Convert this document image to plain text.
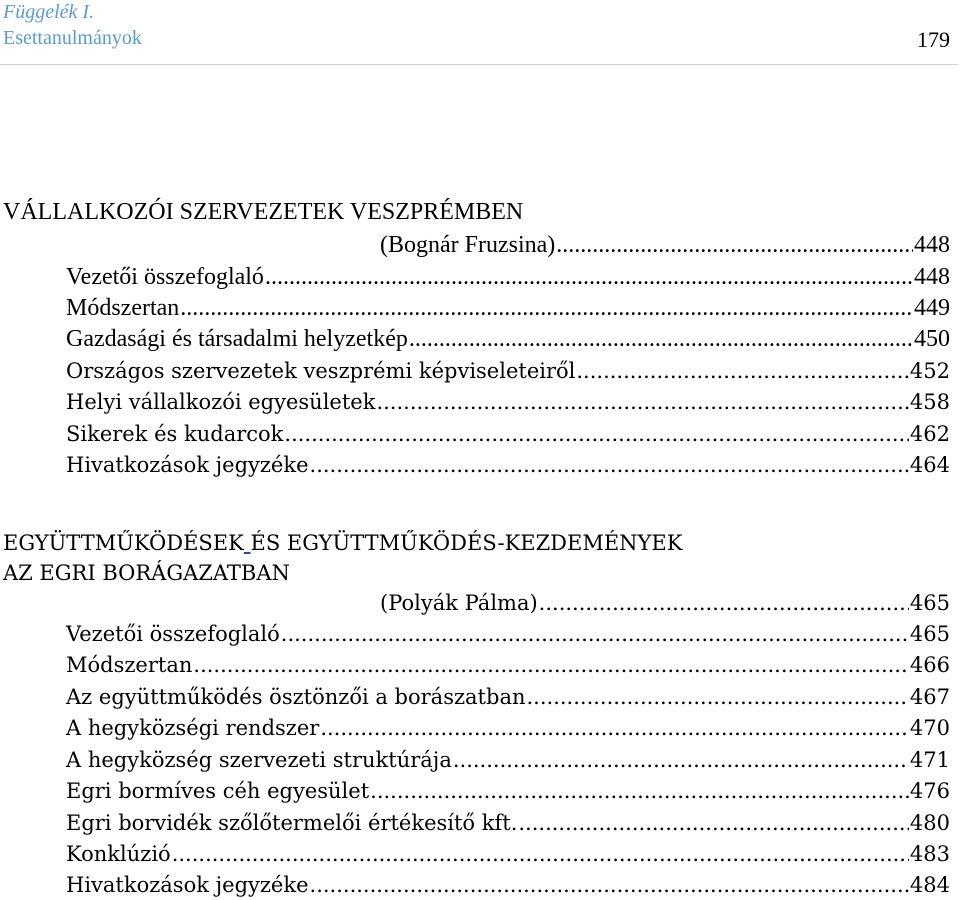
Függelék I.
Esettanulmányok	179
VÁLLALKOZÓI SZERVEZETEK VESZPRÉMBEN
(Bognár Fruzsina) .....	448
Vezetői összefoglaló .....	448
Módszertan .....	449
Gazdasági és társadalmi helyzetkép .....	450
Országos szervezetek veszprémi képviseleteiről .....	452
Helyi vállalkozói egyesületek .....	458
Sikerek és kudarcok .....	462
Hivatkozások jegyzéke .....	464
EGYÜTTMŰKÖDÉSEK ÉS EGYÜTTMŰKÖDÉS-KEZDEMÉNYEK
AZ EGRI BORÁGAZATBAN
(Polyák Pálma) .....	465
Vezetői összefoglaló .....	465
Módszertan .....	466
Az együttműködés ösztönzői a borászatban .....	467
A hegyközségi rendszer .....	470
A hegyközség szervezeti struktúrája .....	471
Egri bormíves céh egyesület .....	476
Egri borvidék szőlőtermelői értékesítő kft. .....	480
Konklúzió .....	483
Hivatkozások jegyzéke .....	484
